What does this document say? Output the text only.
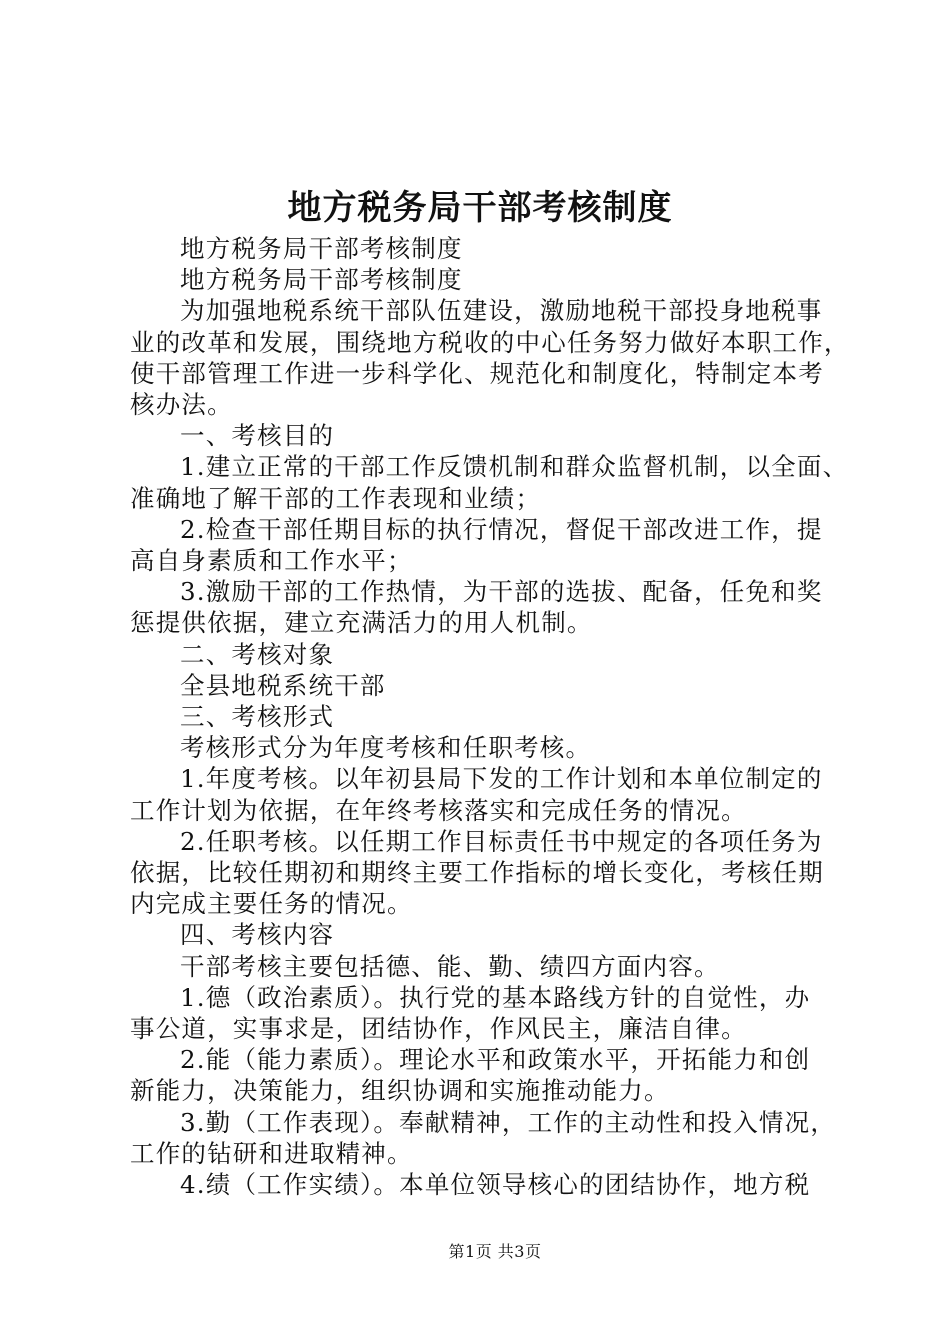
地方税务局干部考核制度
地方税务局干部考核制度
地方税务局干部考核制度
为加强地税系统干部队伍建设，激励地税干部投身地税事
业的改革和发展，围绕地方税收的中心任务努力做好本职工作，
使干部管理工作进一步科学化、规范化和制度化，特制定本考
核办法。
一、考核目的
1.建立正常的干部工作反馈机制和群众监督机制，以全面、
准确地了解干部的工作表现和业绩；
2.检查干部任期目标的执行情况，督促干部改进工作，提
高自身素质和工作水平；
3.激励干部的工作热情，为干部的选拔、配备，任免和奖
惩提供依据，建立充满活力的用人机制。
二、考核对象
全县地税系统干部
三、考核形式
考核形式分为年度考核和任职考核。
1.年度考核。以年初县局下发的工作计划和本单位制定的
工作计划为依据，在年终考核落实和完成任务的情况。
2.任职考核。以任期工作目标责任书中规定的各项任务为
依据，比较任期初和期终主要工作指标的增长变化，考核任期
内完成主要任务的情况。
四、考核内容
干部考核主要包括德、能、勤、绩四方面内容。
1.德（政治素质）。执行党的基本路线方针的自觉性，办
事公道，实事求是，团结协作，作风民主，廉洁自律。
2.能（能力素质）。理论水平和政策水平，开拓能力和创
新能力，决策能力，组织协调和实施推动能力。
3.勤（工作表现）。奉献精神，工作的主动性和投入情况，
工作的钻研和进取精神。
4.绩（工作实绩）。本单位领导核心的团结协作，地方税
第1页 共3页
